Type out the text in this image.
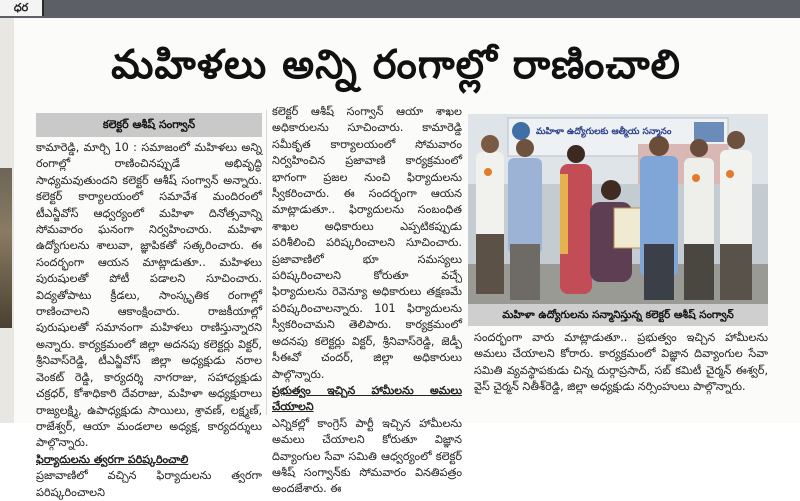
ధర
మహిళలు అన్ని రంగాల్లో రాణించాలి
కలెక్టర్ ఆశీష్ సంగ్వాన్

కామారెడ్డి, మార్చి 10 : సమాజంలో మహిళలు అన్ని రంగాల్లో రాణించినప్పుడే అభివృద్ధి సాధ్యమవుతుందని కలెక్టర్ ఆశీష్ సంగ్వాన్ అన్నారు. కలెక్టర్ కార్యాలయంలో సమావేశ మందిరంలో టీఎన్జీవోస్ ఆధ్వర్యంలో మహిళా దినోత్సవాన్ని సోమవారం ఘనంగా నిర్వహించారు. మహిళా ఉద్యోగులను శాలువా, జ్ఞాపికతో సత్కరించారు. ఈ సందర్భంగా ఆయన మాట్లాడుతూ.. మహిళలు పురుషులతో పోటీ పడాలని సూచించారు. విద్యతోపాటు క్రీడలు, సాంస్కృతిక రంగాల్లో రాణించాలని ఆకాంక్షించారు. రాజకీయాల్లో పురుషులతో సమానంగా మహిళలు రాణిస్తున్నారని అన్నారు. కార్యక్రమంలో జిల్లా అదనపు కలెక్టర్లు విక్టర్, శ్రీనివాస్‌రెడ్డి, టీఎన్జీవోస్ జిల్లా అధ్యక్షుడు నరాల వెంకట్ రెడ్డి, కార్యదర్శి నాగరాజు, సహాధ్యక్షుడు చక్రధర్, కోశాధికారి దేవరాజు, మహిళా అధ్యక్షురాలు రాజ్యలక్ష్మి, ఉపాధ్యక్షుడు సాయిలు, శ్రావణ్, లక్ష్మణ్, రాజేశ్వర్, ఆయా మండలాల అధ్యక్ష, కార్యదర్శులు పాల్గొన్నారు.

ఫిర్యాదులను త్వరగా పరిష్కరించాలి

ప్రజావాణిలో వచ్చిన ఫిర్యాదులను త్వరగా పరిష్కరించాలని

కలెక్టర్ ఆశీష్ సంగ్వాన్ ఆయా శాఖల అధికారులను సూచించారు. కామారెడ్డి సమీకృత కార్యాలయంలో సోమవారం నిర్వహించిన ప్రజావాణి కార్యక్రమంలో భాగంగా ప్రజల నుంచి ఫిర్యాదులను స్వీకరించారు. ఈ సందర్భంగా ఆయన మాట్లాడుతూ.. ఫిర్యాదులను సంబంధిత శాఖల అధికారులు ఎప్పటికప్పుడు పరిశీలించి పరిష్కరించాలని సూచించారు. ప్రజావాణిలో భూ సమస్యలు పరిష్కరించాలని కోరుతూ వచ్చే ఫిర్యాదులను రెవెన్యూ అధికారులు తక్షణమే పరిష్కరించాలన్నారు. 101 ఫిర్యాదులను స్వీకరించామని తెలిపారు. కార్యక్రమంలో అదనపు కలెక్టర్లు విక్టర్, శ్రీనివాస్‌రెడ్డి, జెడ్పీ సీఈవో చందర్, జిల్లా అధికారులు పాల్గొన్నారు.

ప్రభుత్వం ఇచ్చిన హామీలను అమలు చేయాలని

ఎన్నికల్లో కాంగ్రెస్ పార్టీ ఇచ్చిన హామీలను అమలు చేయాలని కోరుతూ విజ్ఞాన దివ్యాంగుల సేవా సమితి ఆధ్వర్యంలో కలెక్టర్ ఆశీష్ సంగ్వాన్‌కు సోమవారం వినతిపత్రం అందజేశారు. ఈ

మహిళా ఉద్యోగులకు ఆత్మీయ సన్మానం
మహిళా ఉద్యోగులను సన్మానిస్తున్న కలెక్టర్ ఆశీష్ సంగ్వాన్

సందర్భంగా వారు మాట్లాడుతూ.. ప్రభుత్వం ఇచ్చిన హామీలను అమలు చేయాలని కోరారు. కార్యక్రమంలో విజ్ఞాన దివ్యాంగుల సేవా సమితి వ్యవస్థాపకుడు చిన్న దుర్గాప్రసాద్, సబ్ కమిటీ చైర్మన్ ఈశ్వర్, వైస్ చైర్మన్ నితీశ్‌రెడ్డి, జిల్లా అధ్యక్షుడు నర్సింహులు పాల్గొన్నారు.
